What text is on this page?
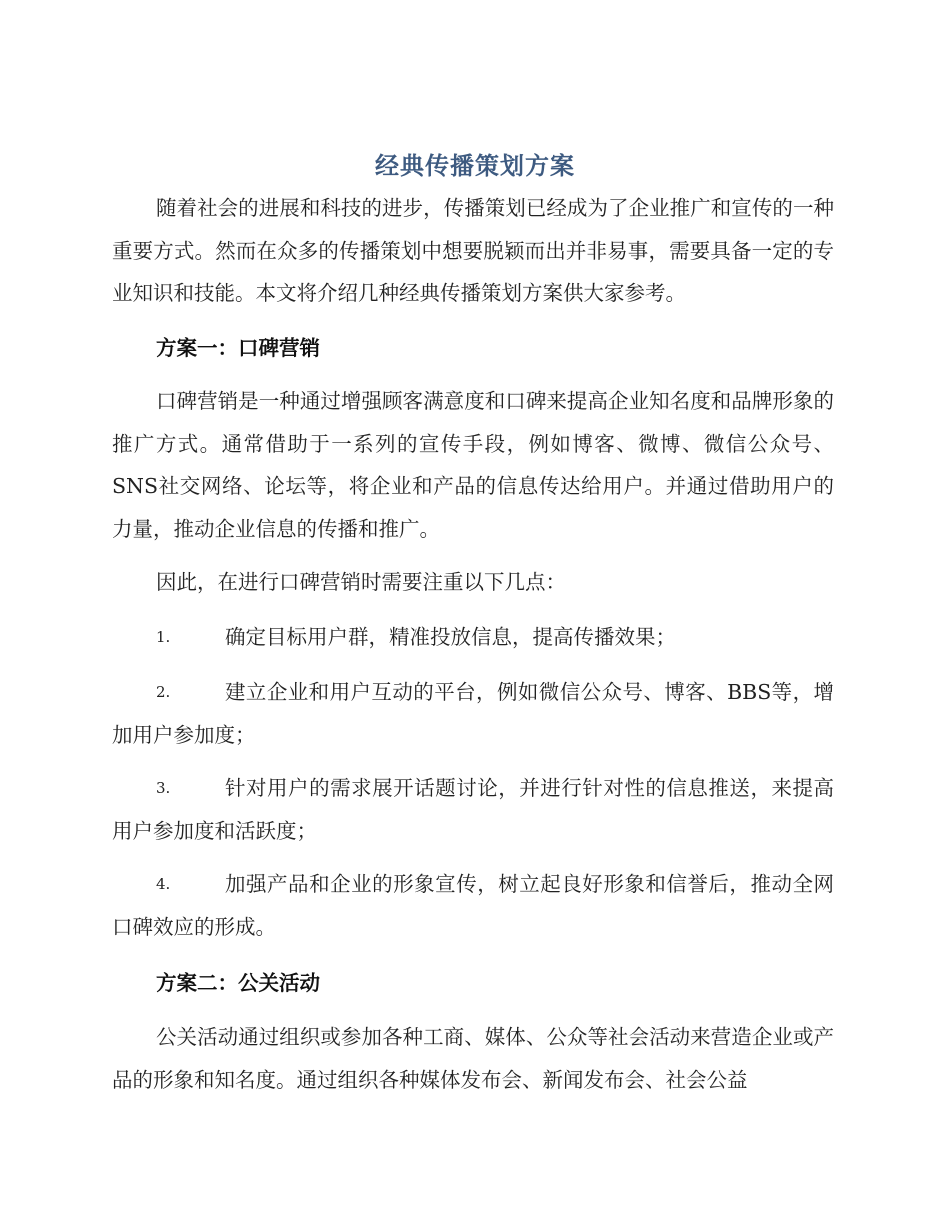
经典传播策划方案

随着社会的进展和科技的进步，传播策划已经成为了企业推广和宣传的一种重要方式。然而在众多的传播策划中想要脱颖而出并非易事，需要具备一定的专业知识和技能。本文将介绍几种经典传播策划方案供大家参考。

方案一：口碑营销

口碑营销是一种通过增强顾客满意度和口碑来提高企业知名度和品牌形象的推广方式。通常借助于一系列的宣传手段，例如博客、微博、微信公众号、SNS社交网络、论坛等，将企业和产品的信息传达给用户。并通过借助用户的力量，推动企业信息的传播和推广。

因此，在进行口碑营销时需要注重以下几点：

1.	确定目标用户群，精准投放信息，提高传播效果；

2.	建立企业和用户互动的平台，例如微信公众号、博客、BBS等，增加用户参加度；

3.	针对用户的需求展开话题讨论，并进行针对性的信息推送，来提高用户参加度和活跃度；

4.	加强产品和企业的形象宣传，树立起良好形象和信誉后，推动全网口碑效应的形成。

方案二：公关活动

公关活动通过组织或参加各种工商、媒体、公众等社会活动来营造企业或产品的形象和知名度。通过组织各种媒体发布会、新闻发布会、社会公益
